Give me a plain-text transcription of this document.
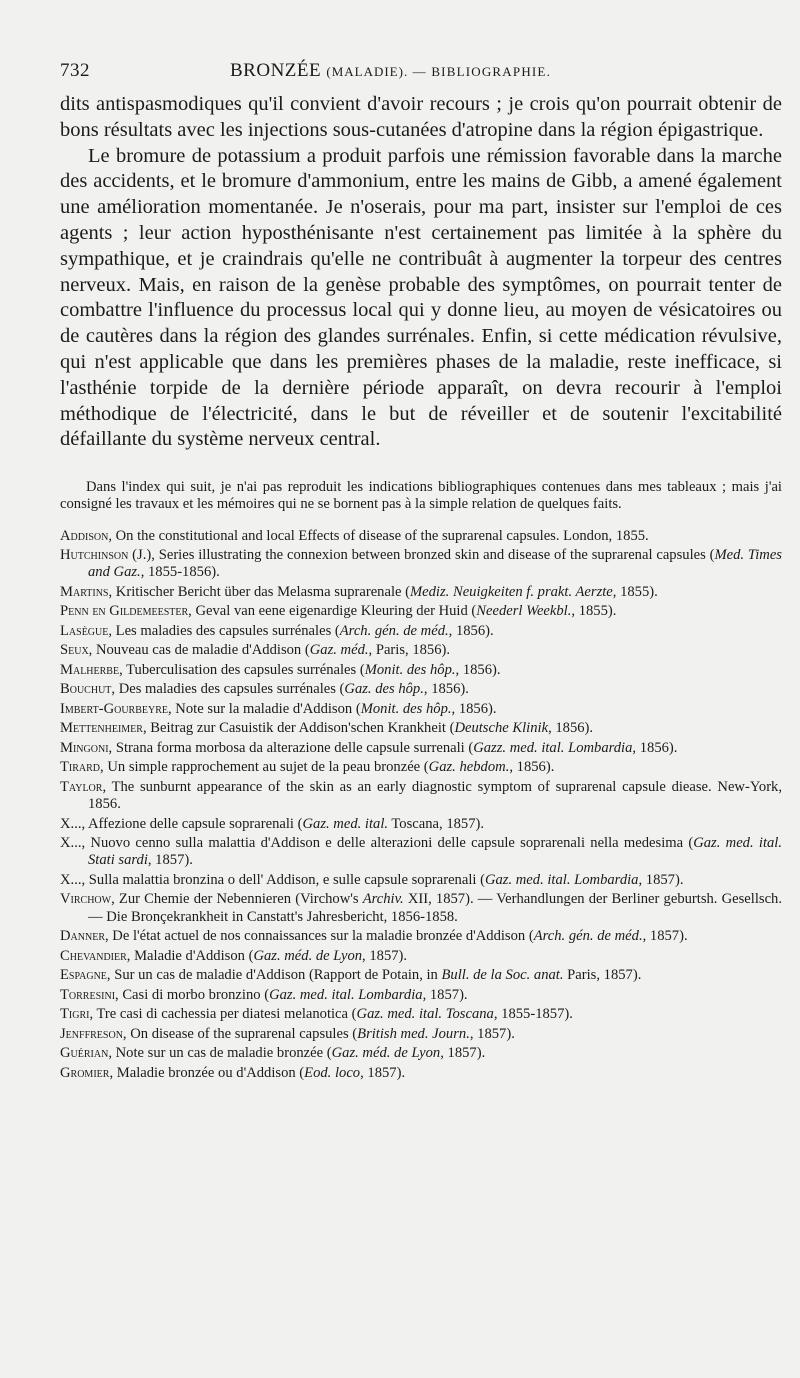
732	BRONZÉE (MALADIE). — BIBLIOGRAPHIE.

dits antispasmodiques qu'il convient d'avoir recours ; je crois qu'on pourrait obtenir de bons résultats avec les injections sous-cutanées d'atropine dans la région épigastrique.

Le bromure de potassium a produit parfois une rémission favorable dans la marche des accidents, et le bromure d'ammonium, entre les mains de Gibb, a amené également une amélioration momentanée. Je n'oserais, pour ma part, insister sur l'emploi de ces agents ; leur action hyposthénisante n'est certainement pas limitée à la sphère du sympathique, et je craindrais qu'elle ne contribuât à augmenter la torpeur des centres nerveux. Mais, en raison de la genèse probable des symptômes, on pourrait tenter de combattre l'influence du processus local qui y donne lieu, au moyen de vésicatoires ou de cautères dans la région des glandes surrénales. Enfin, si cette médication révulsive, qui n'est applicable que dans les premières phases de la maladie, reste inefficace, si l'asthénie torpide de la dernière période apparaît, on devra recourir à l'emploi méthodique de l'électricité, dans le but de réveiller et de soutenir l'excitabilité défaillante du système nerveux central.

Dans l'index qui suit, je n'ai pas reproduit les indications bibliographiques contenues dans mes tableaux ; mais j'ai consigné les travaux et les mémoires qui ne se bornent pas à la simple relation de quelques faits.

Addison, On the constitutional and local Effects of disease of the suprarenal capsules. London, 1855.

Hutchinson (J.), Series illustrating the connexion between bronzed skin and disease of the suprarenal capsules (Med. Times and Gaz., 1855-1856).

Martins, Kritischer Bericht über das Melasma suprarenale (Mediz. Neuigkeiten f. prakt. Aerzte, 1855).

Penn en Gildemeester, Geval van eene eigenardige Kleuring der Huid (Neederl Weekbl., 1855).

Lasègue, Les maladies des capsules surrénales (Arch. gén. de méd., 1856).

Seux, Nouveau cas de maladie d'Addison (Gaz. méd., Paris, 1856).

Malherbe, Tuberculisation des capsules surrénales (Monit. des hôp., 1856).

Bouchut, Des maladies des capsules surrénales (Gaz. des hôp., 1856).

Imbert-Gourbeyre, Note sur la maladie d'Addison (Monit. des hôp., 1856).

Mettenheimer, Beitrag zur Casuistik der Addison'schen Krankheit (Deutsche Klinik, 1856).

Mingoni, Strana forma morbosa da alterazione delle capsule surrenali (Gazz. med. ital. Lombardia, 1856).

Tirard, Un simple rapprochement au sujet de la peau bronzée (Gaz. hebdom., 1856).

Taylor, The sunburnt appearance of the skin as an early diagnostic symptom of suprarenal capsule diease. New-York, 1856.

X..., Affezione delle capsule soprarenali (Gaz. med. ital. Toscana, 1857).

X..., Nuovo cenno sulla malattia d'Addison e delle alterazioni delle capsule soprarenali nella medesima (Gaz. med. ital. Stati sardi, 1857).

X..., Sulla malattia bronzina o dell' Addison, e sulle capsule soprarenali (Gaz. med. ital. Lombardia, 1857).

Virchow, Zur Chemie der Nebennieren (Virchow's Archiv. XII, 1857). — Verhandlungen der Berliner geburtsh. Gesellsch. — Die Bronçekrankheit in Canstatt's Jahresbericht, 1856-1858.

Danner, De l'état actuel de nos connaissances sur la maladie bronzée d'Addison (Arch. gén. de méd., 1857).

Chevandier, Maladie d'Addison (Gaz. méd. de Lyon, 1857).

Espagne, Sur un cas de maladie d'Addison (Rapport de Potain, in Bull. de la Soc. anat. Paris, 1857).

Torresini, Casi di morbo bronzino (Gaz. med. ital. Lombardia, 1857).

Tigri, Tre casi di cachessia per diatesi melanotica (Gaz. med. ital. Toscana, 1855-1857).

Jenffreson, On disease of the suprarenal capsules (British med. Journ., 1857).

Guérian, Note sur un cas de maladie bronzée (Gaz. méd. de Lyon, 1857).

Gromier, Maladie bronzée ou d'Addison (Eod. loco, 1857).
